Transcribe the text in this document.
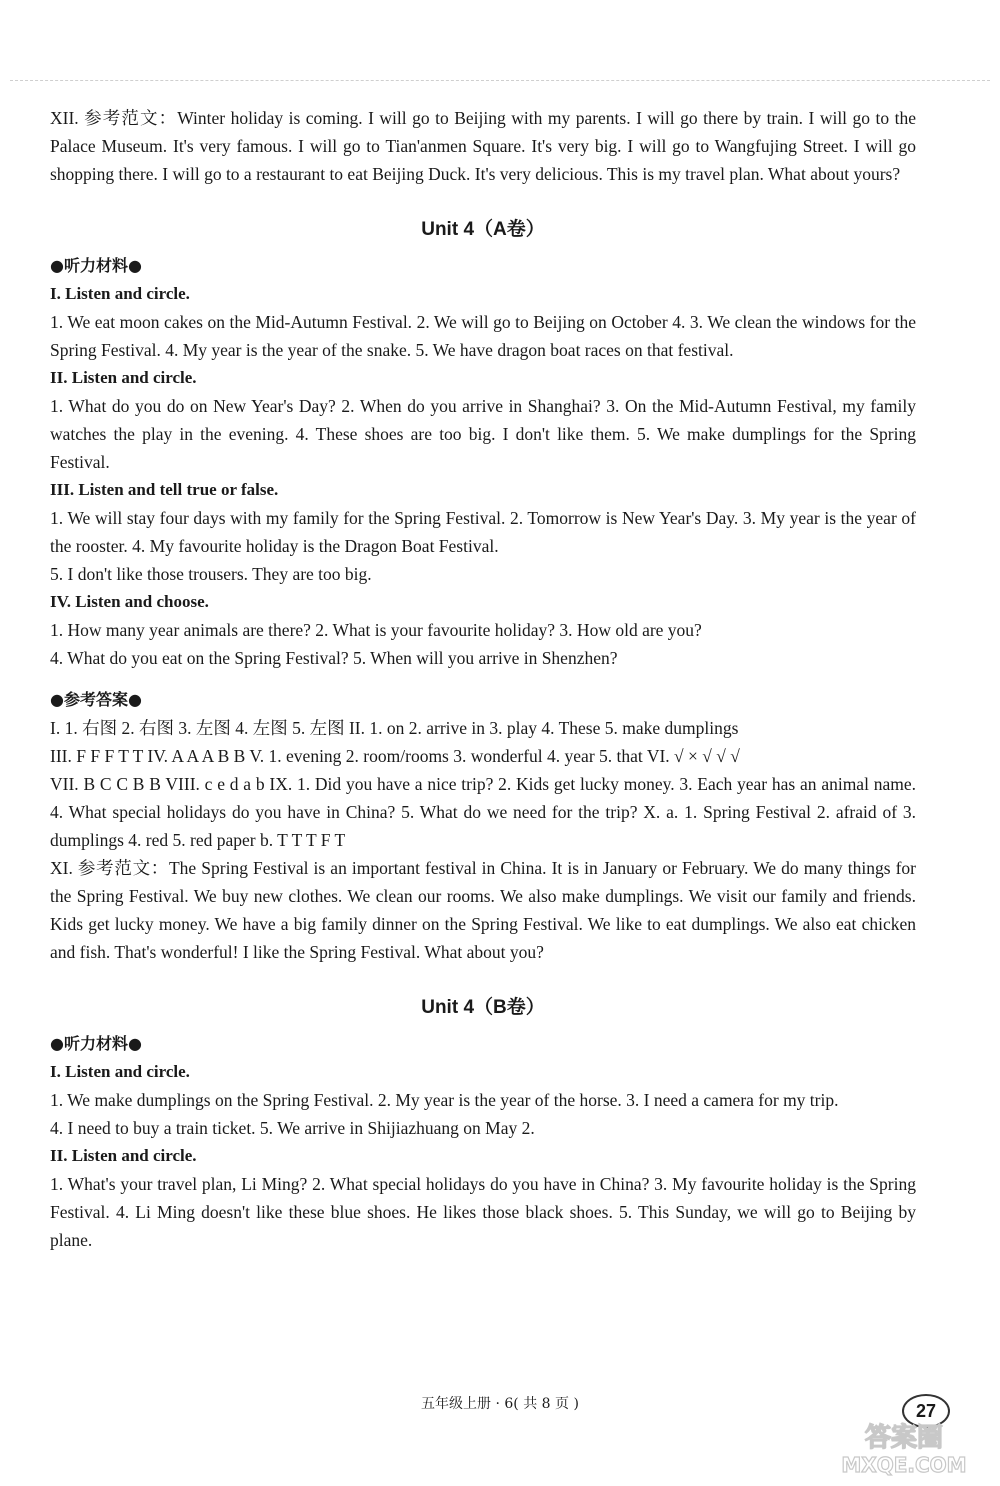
XII. 参考范文：Winter holiday is coming. I will go to Beijing with my parents. I will go there by train. I will go to the Palace Museum. It's very famous. I will go to Tian'anmen Square. It's very big. I will go to Wangfujing Street. I will go shopping there. I will go to a restaurant to eat Beijing Duck. It's very delicious. This is my travel plan. What about yours?

Unit 4（A卷）
●听力材料●

I. Listen and circle.

1. We eat moon cakes on the Mid-Autumn Festival. 2. We will go to Beijing on October 4. 3. We clean the windows for the Spring Festival. 4. My year is the year of the snake. 5. We have dragon boat races on that festival.

II. Listen and circle.

1. What do you do on New Year's Day? 2. When do you arrive in Shanghai? 3. On the Mid-Autumn Festival, my family watches the play in the evening. 4. These shoes are too big. I don't like them. 5. We make dumplings for the Spring Festival.

III. Listen and tell true or false.

1. We will stay four days with my family for the Spring Festival. 2. Tomorrow is New Year's Day. 3. My year is the year of the rooster. 4. My favourite holiday is the Dragon Boat Festival.

5. I don't like those trousers. They are too big.

IV. Listen and choose.

1. How many year animals are there? 2. What is your favourite holiday? 3. How old are you?

4. What do you eat on the Spring Festival? 5. When will you arrive in Shenzhen?

●参考答案●

I. 1. 右图 2. 右图 3. 左图 4. 左图 5. 左图 II. 1. on 2. arrive in 3. play 4. These 5. make dumplings

III. F F F T T IV. A A A B B V. 1. evening 2. room/rooms 3. wonderful 4. year 5. that VI. √ × √ √ √

VII. B C C B B VIII. c e d a b IX. 1. Did you have a nice trip? 2. Kids get lucky money. 3. Each year has an animal name. 4. What special holidays do you have in China? 5. What do we need for the trip? X. a. 1. Spring Festival 2. afraid of 3. dumplings 4. red 5. red paper b. T T T F T

XI. 参考范文：The Spring Festival is an important festival in China. It is in January or February. We do many things for the Spring Festival. We buy new clothes. We clean our rooms. We also make dumplings. We visit our family and friends. Kids get lucky money. We have a big family dinner on the Spring Festival. We like to eat dumplings. We also eat chicken and fish. That's wonderful! I like the Spring Festival. What about you?

Unit 4（B卷）
●听力材料●

I. Listen and circle.

1. We make dumplings on the Spring Festival. 2. My year is the year of the horse. 3. I need a camera for my trip.

4. I need to buy a train ticket. 5. We arrive in Shijiazhuang on May 2.

II. Listen and circle.

1. What's your travel plan, Li Ming? 2. What special holidays do you have in China? 3. My favourite holiday is the Spring Festival. 4. Li Ming doesn't like these blue shoes. He likes those black shoes. 5. This Sunday, we will go to Beijing by plane.

五年级上册 · 6( 共 8 页 )	27
答案圈
MXQE.COM
